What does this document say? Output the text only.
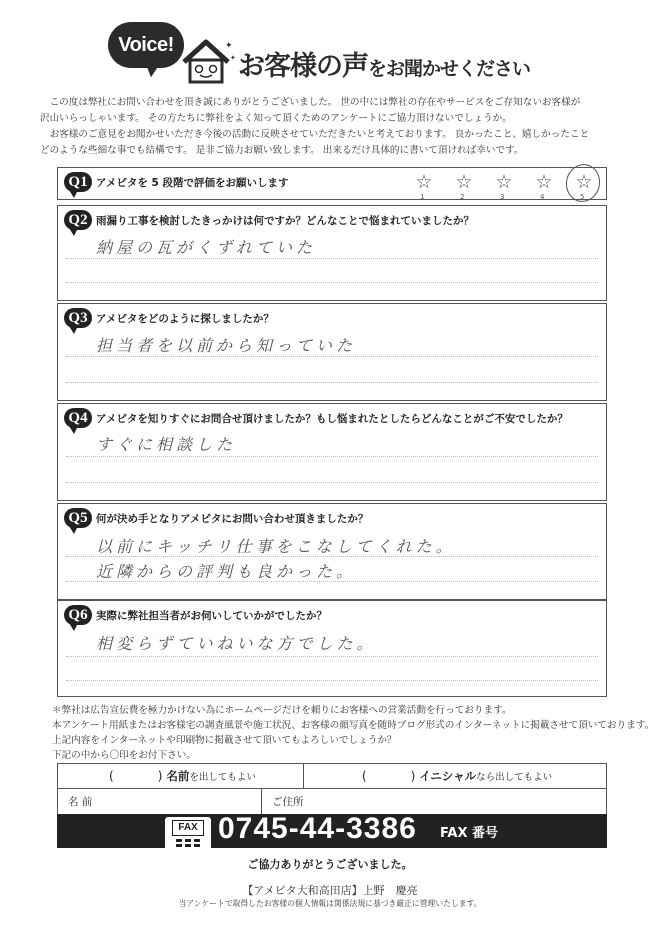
Voice!	✦
✦ お客様の声をお聞かせください

　この度は弊社にお問い合わせを頂き誠にありがとうございました。 世の中には弊社の存在やサービスをご存知ないお客様が

沢山いらっしゃいます。 その方たちに弊社をよく知って頂くためのアンケートにご協力頂けないでしょうか。

　お客様のご意見をお聞かせいただき今後の活動に反映させていただきたいと考えております。 良かったこと、嬉しかったこと

どのような些細な事でも結構です。 是非ご協力お願い致します。 出来るだけ具体的に書いて頂ければ幸いです。

Q1 アメピタを 5 段階で評価をお願いします	☆
1
☆
2
☆
3
☆
4
☆
5
Q2 雨漏り工事を検討したきっかけは何ですか？どんなことで悩まれていましたか？
納屋の瓦がくずれていた
Q3 アメピタをどのように探しましたか？
担当者を以前から知っていた
Q4 アメピタを知りすぐにお問合せ頂けましたか？もし悩まれたとしたらどんなことがご不安でしたか？
すぐに相談した
Q5 何が決め手となりアメピタにお問い合わせ頂きましたか？
以前にキッチリ仕事をこなしてくれた。
近隣からの評判も良かった。
Q6 実際に弊社担当者がお伺いしていかがでしたか？
相変らずていねいな方でした。

＊弊社は広告宣伝費を極力かけない為にホームページだけを頼りにお客様への営業活動を行っております。

本アンケート用紙またはお客様宅の調査風景や施工状況、お客様の顔写真を随時ブログ形式のインターネットに掲載させて頂いております。

上記内容をインターネットや印刷物に掲載させて頂いてもよろしいでしょうか？

下記の中から〇印をお付下さい。

(	) 名前 を出してもよい	(	) イニシャル なら出してもよい
名 前	ご住所
FAX 0745-44-3386 FAX 番号
ご協力ありがとうございました。
【アメピタ大和高田店】上野　慶亮
当アンケートで取得したお客様の個人情報は関係法規に基づき厳正に管理いたします。
